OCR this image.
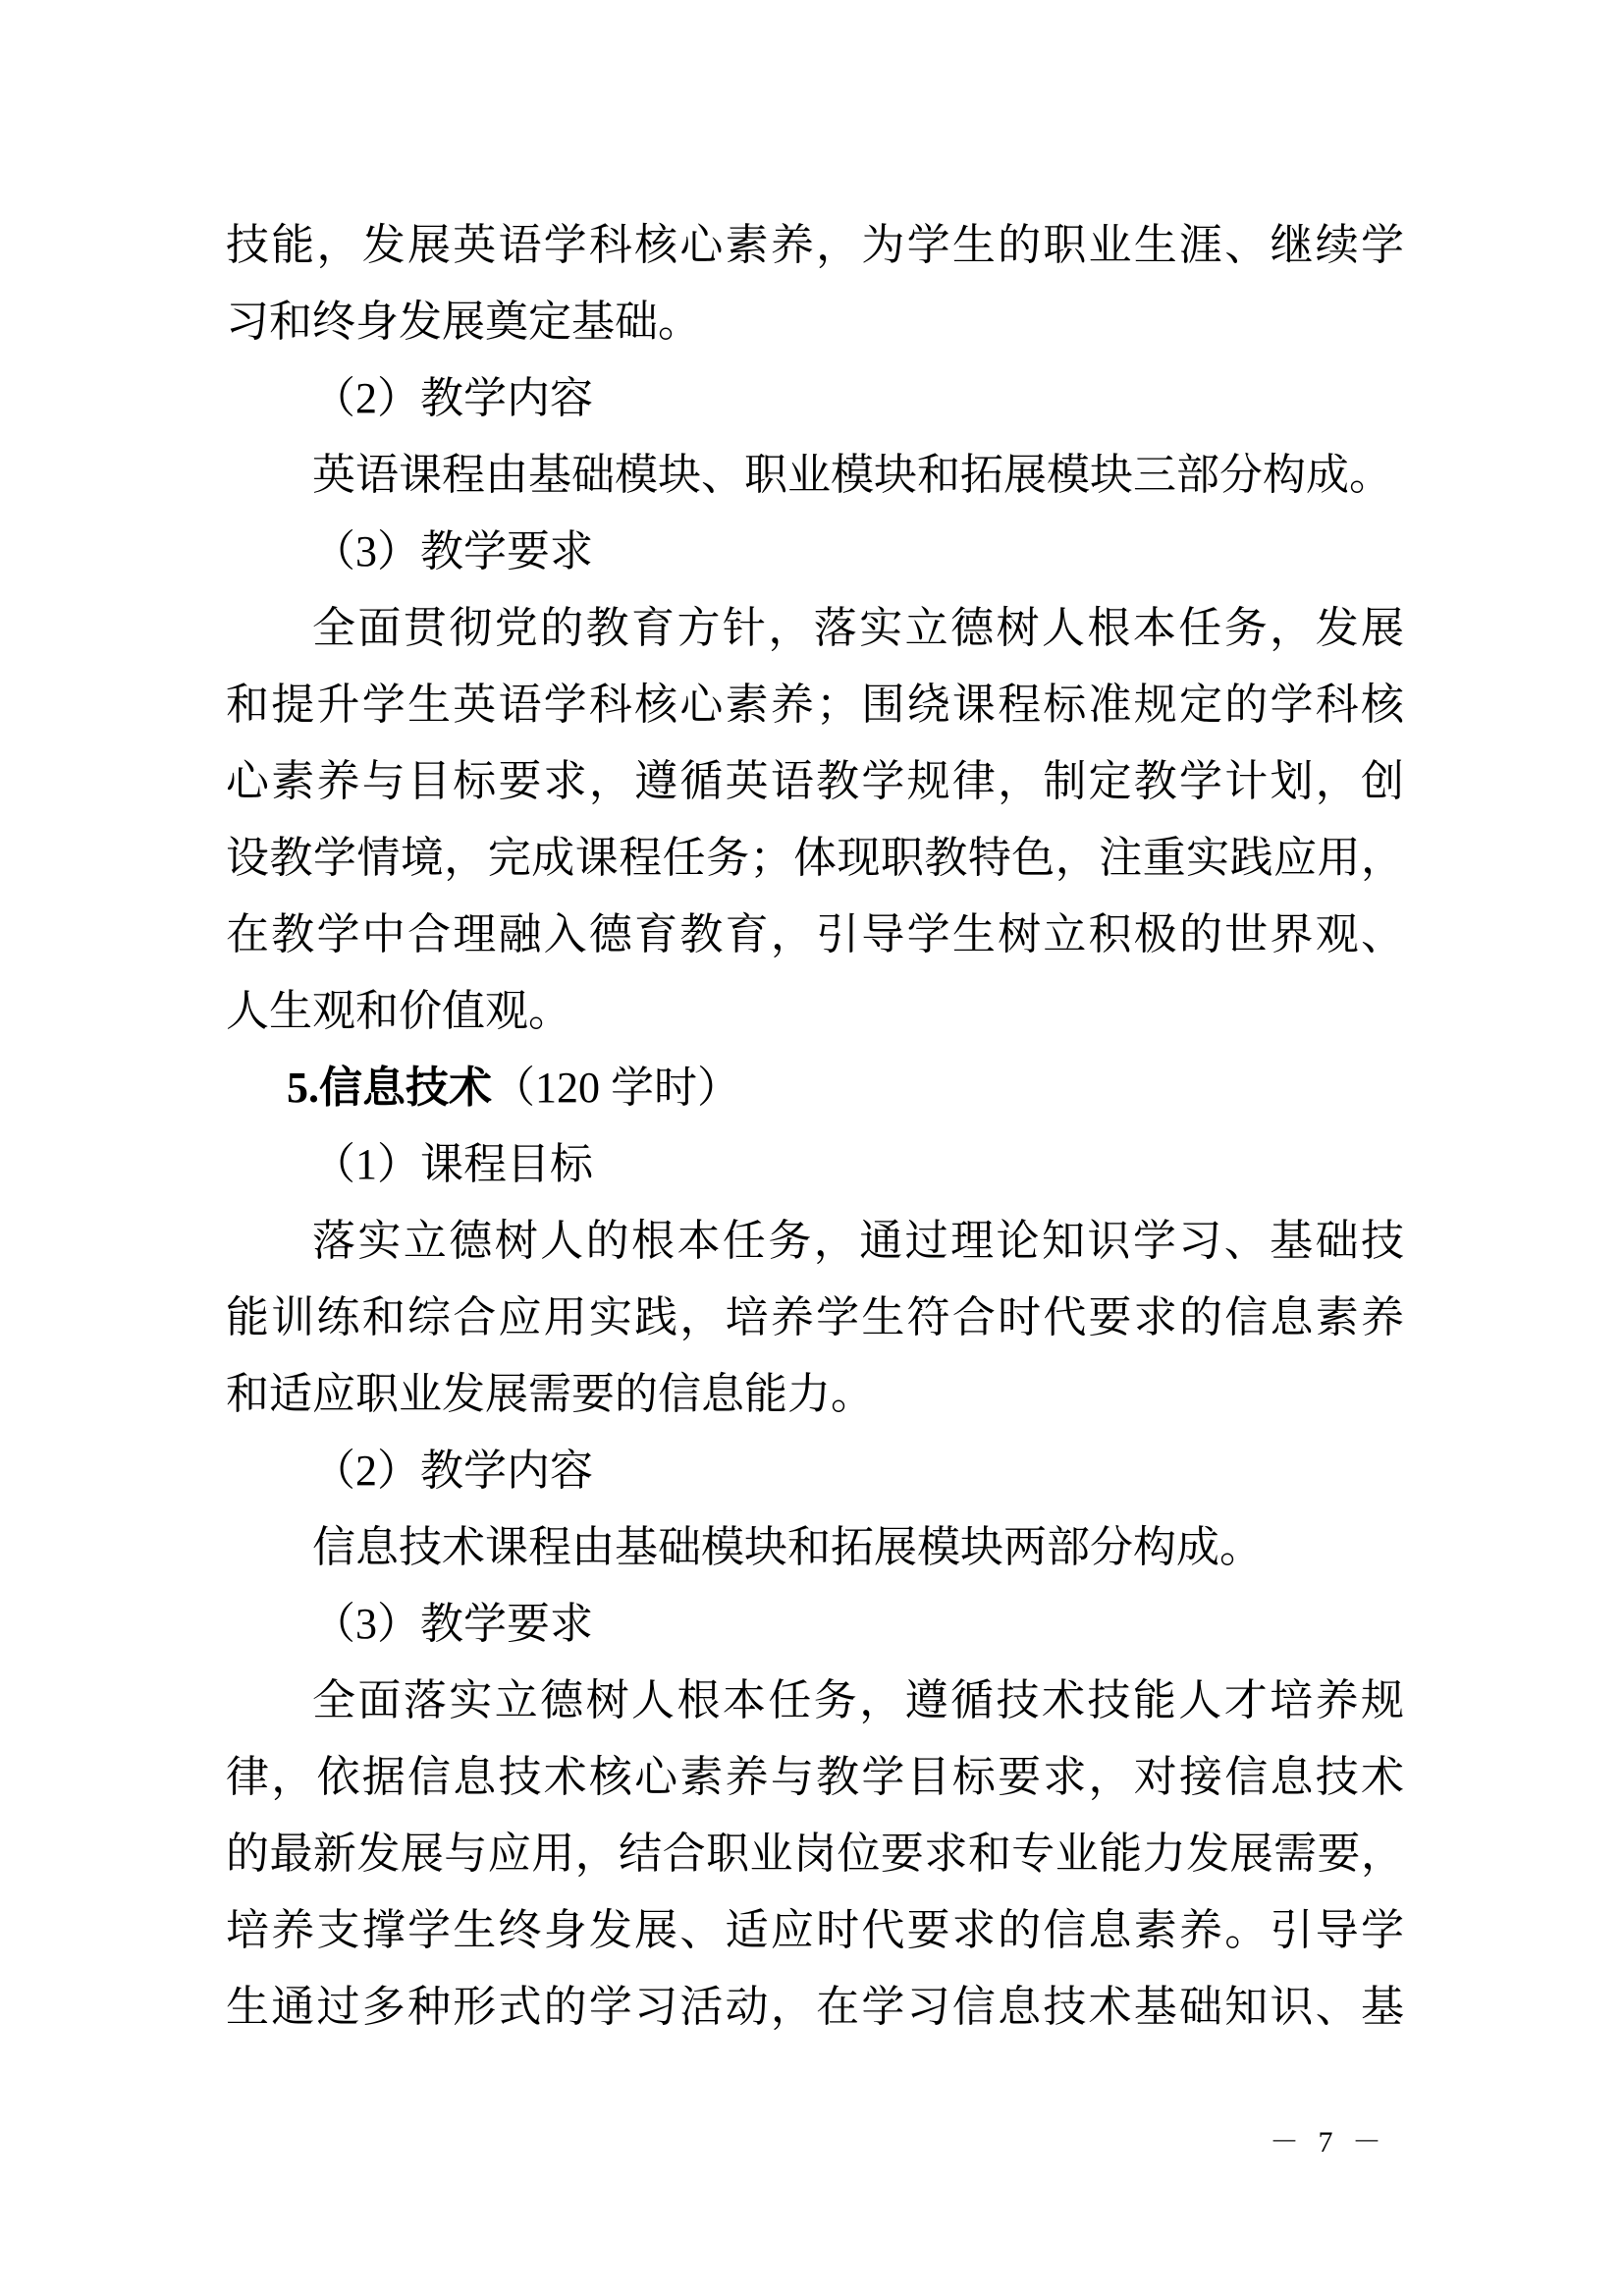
技能，发展英语学科核心素养，为学生的职业生涯、继续学
习和终身发展奠定基础。
（2）教学内容
英语课程由基础模块、职业模块和拓展模块三部分构成。
（3）教学要求
全面贯彻党的教育方针，落实立德树人根本任务，发展
和提升学生英语学科核心素养；围绕课程标准规定的学科核
心素养与目标要求，遵循英语教学规律，制定教学计划，创
设教学情境，完成课程任务；体现职教特色，注重实践应用，
在教学中合理融入德育教育，引导学生树立积极的世界观、
人生观和价值观。
5.信息技术（120 学时）
（1）课程目标
落实立德树人的根本任务，通过理论知识学习、基础技
能训练和综合应用实践，培养学生符合时代要求的信息素养
和适应职业发展需要的信息能力。
（2）教学内容
信息技术课程由基础模块和拓展模块两部分构成。
（3）教学要求
全面落实立德树人根本任务，遵循技术技能人才培养规
律，依据信息技术核心素养与教学目标要求，对接信息技术
的最新发展与应用，结合职业岗位要求和专业能力发展需要，
培养支撑学生终身发展、适应时代要求的信息素养。引导学
生通过多种形式的学习活动，在学习信息技术基础知识、基
－ 7 －
